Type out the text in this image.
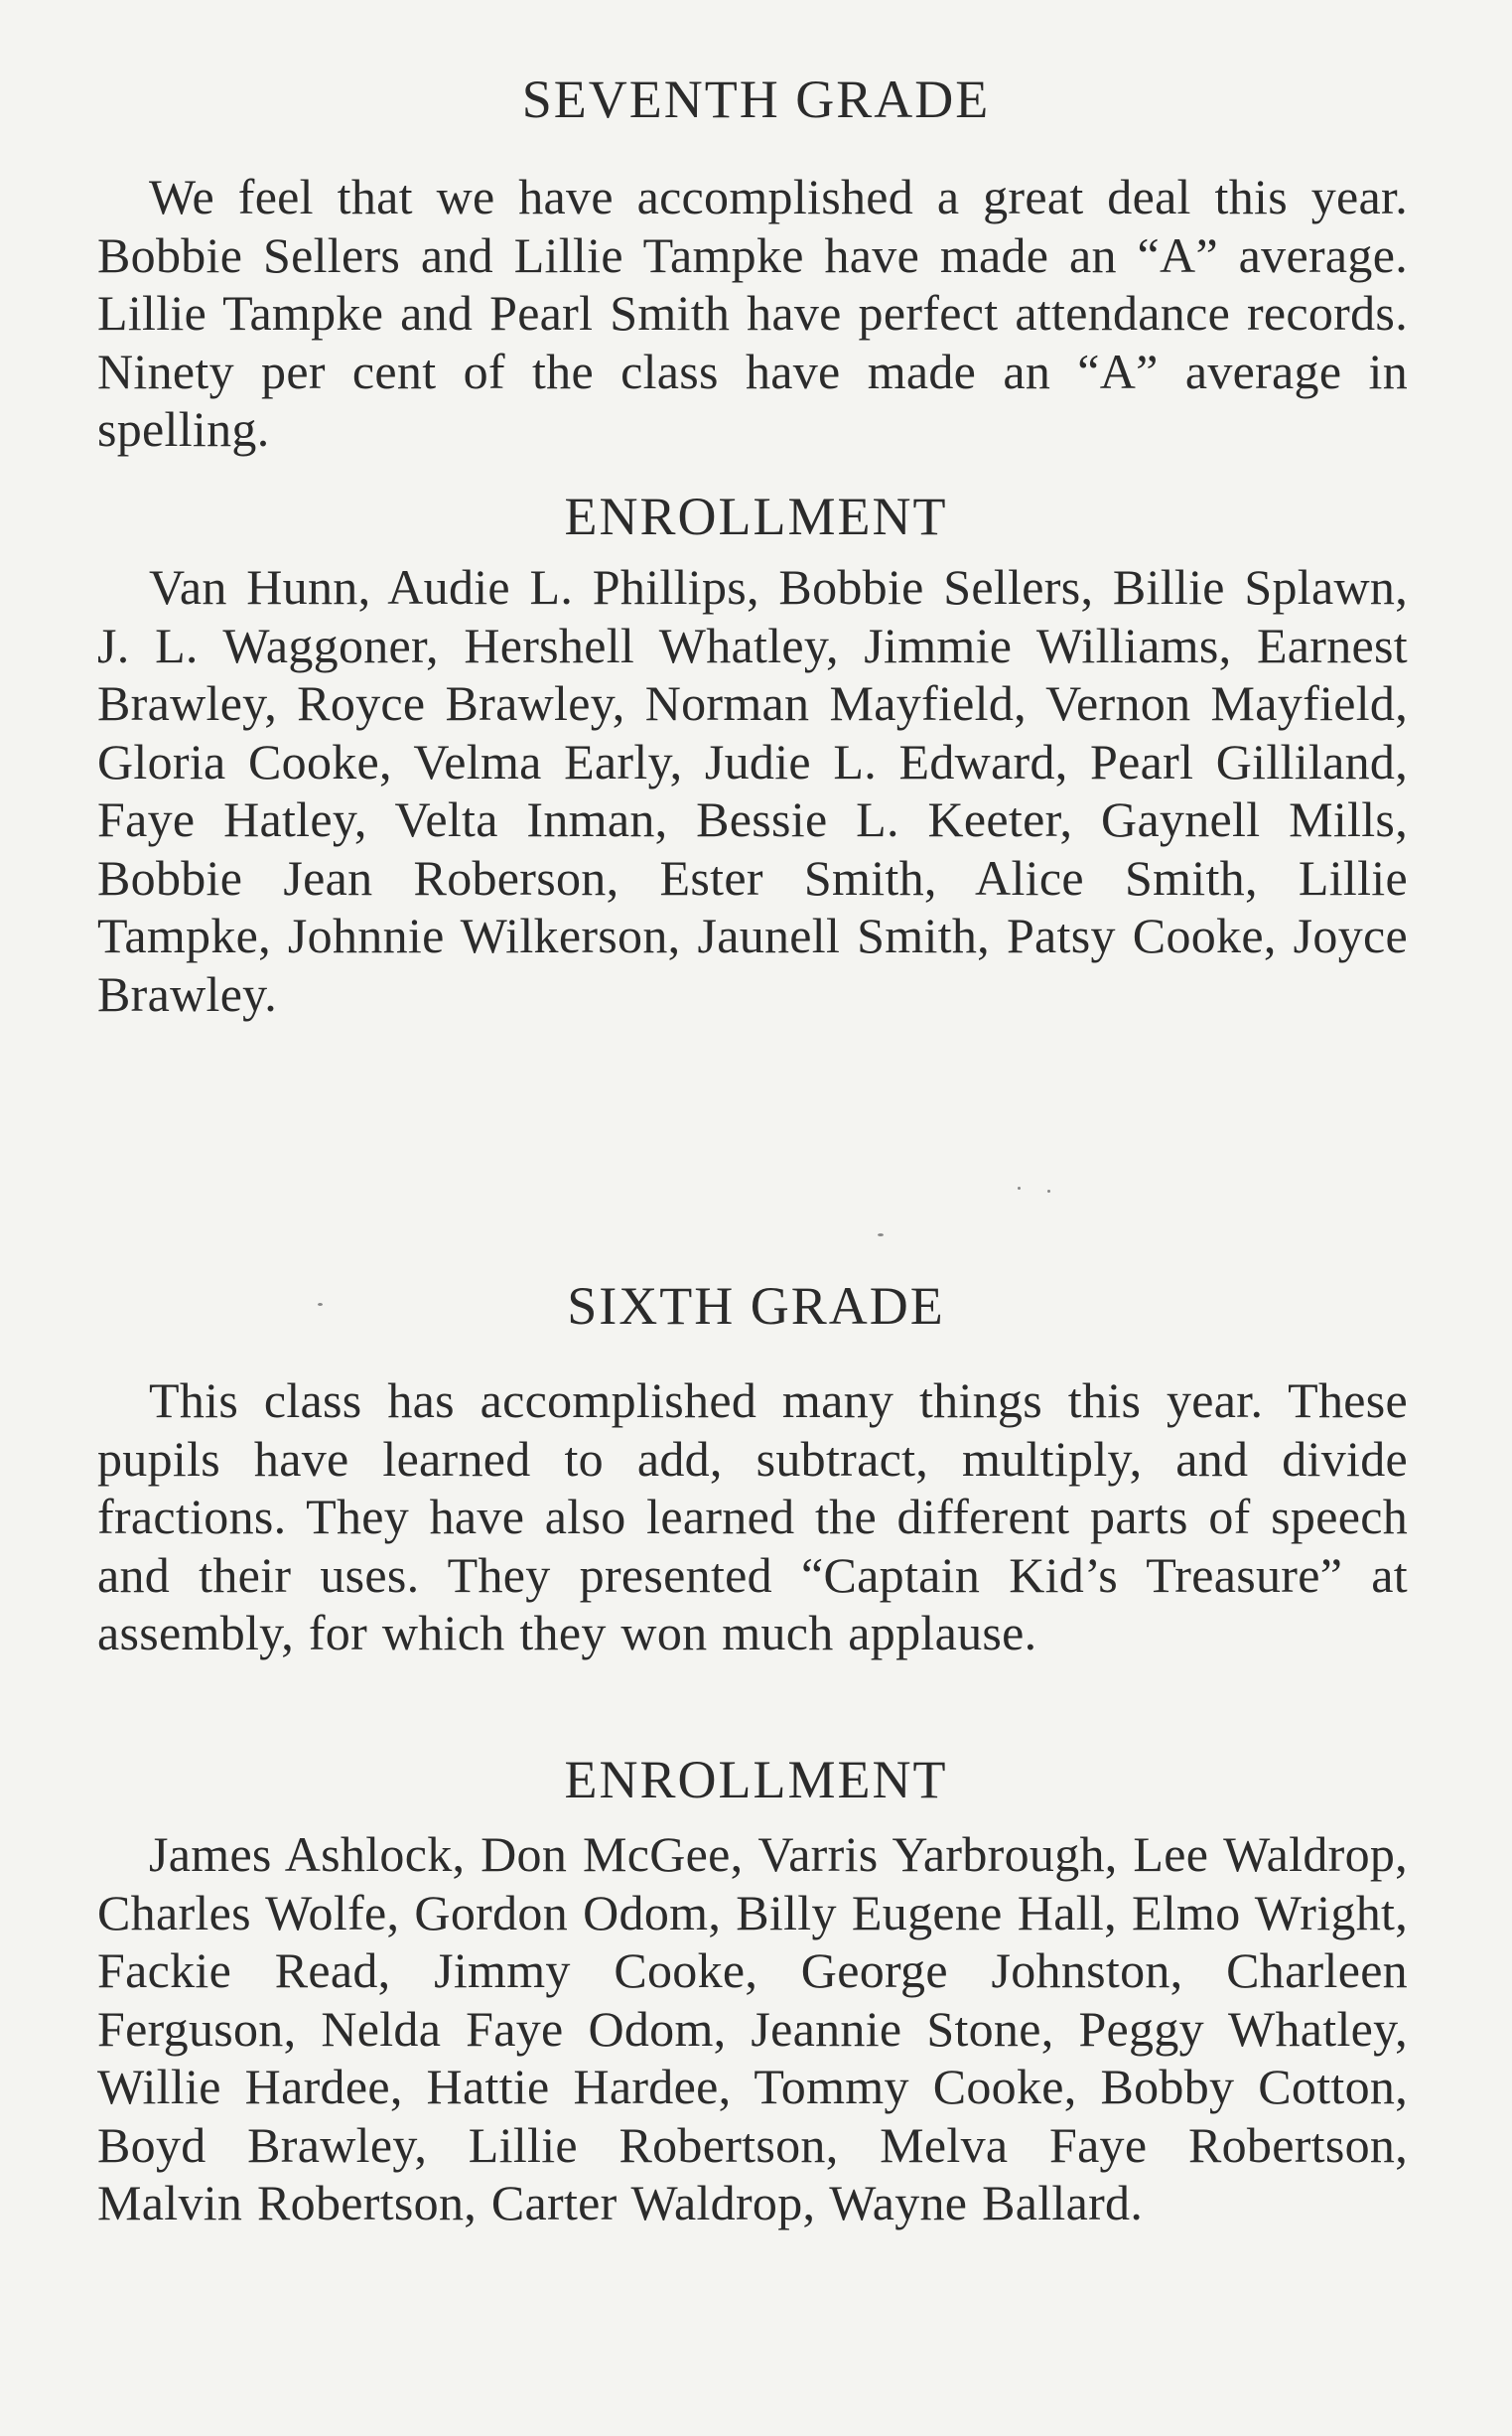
SEVENTH GRADE

We feel that we have accomplished a great deal this year. Bobbie Sellers and Lillie Tampke have made an “A” average. Lillie Tampke and Pearl Smith have perfect attendance records. Ninety per cent of the class have made an “A” average in spelling.

ENROLLMENT

Van Hunn, Audie L. Phillips, Bobbie Sellers, Billie Splawn, J. L. Waggoner, Hershell Whatley, Jimmie Williams, Earnest Brawley, Royce Brawley, Norman Mayfield, Vernon Mayfield, Gloria Cooke, Velma Early, Judie L. Edward, Pearl Gilliland, Faye Hatley, Velta Inman, Bessie L. Keeter, Gaynell Mills, Bobbie Jean Roberson, Ester Smith, Alice Smith, Lillie Tampke, Johnnie Wilkerson, Jaunell Smith, Patsy Cooke, Joyce Brawley.

SIXTH GRADE

This class has accomplished many things this year. These pupils have learned to add, subtract, multiply, and divide fractions. They have also learned the different parts of speech and their uses. They presented “Captain Kid’s Treasure” at assembly, for which they won much applause.

ENROLLMENT

James Ashlock, Don McGee, Varris Yarbrough, Lee Waldrop, Charles Wolfe, Gordon Odom, Billy Eugene Hall, Elmo Wright, Fackie Read, Jimmy Cooke, George Johnston, Charleen Ferguson, Nelda Faye Odom, Jeannie Stone, Peggy Whatley, Willie Hardee, Hattie Hardee, Tommy Cooke, Bobby Cotton, Boyd Brawley, Lillie Robertson, Melva Faye Robertson, Malvin Robertson, Carter Waldrop, Wayne Ballard.
